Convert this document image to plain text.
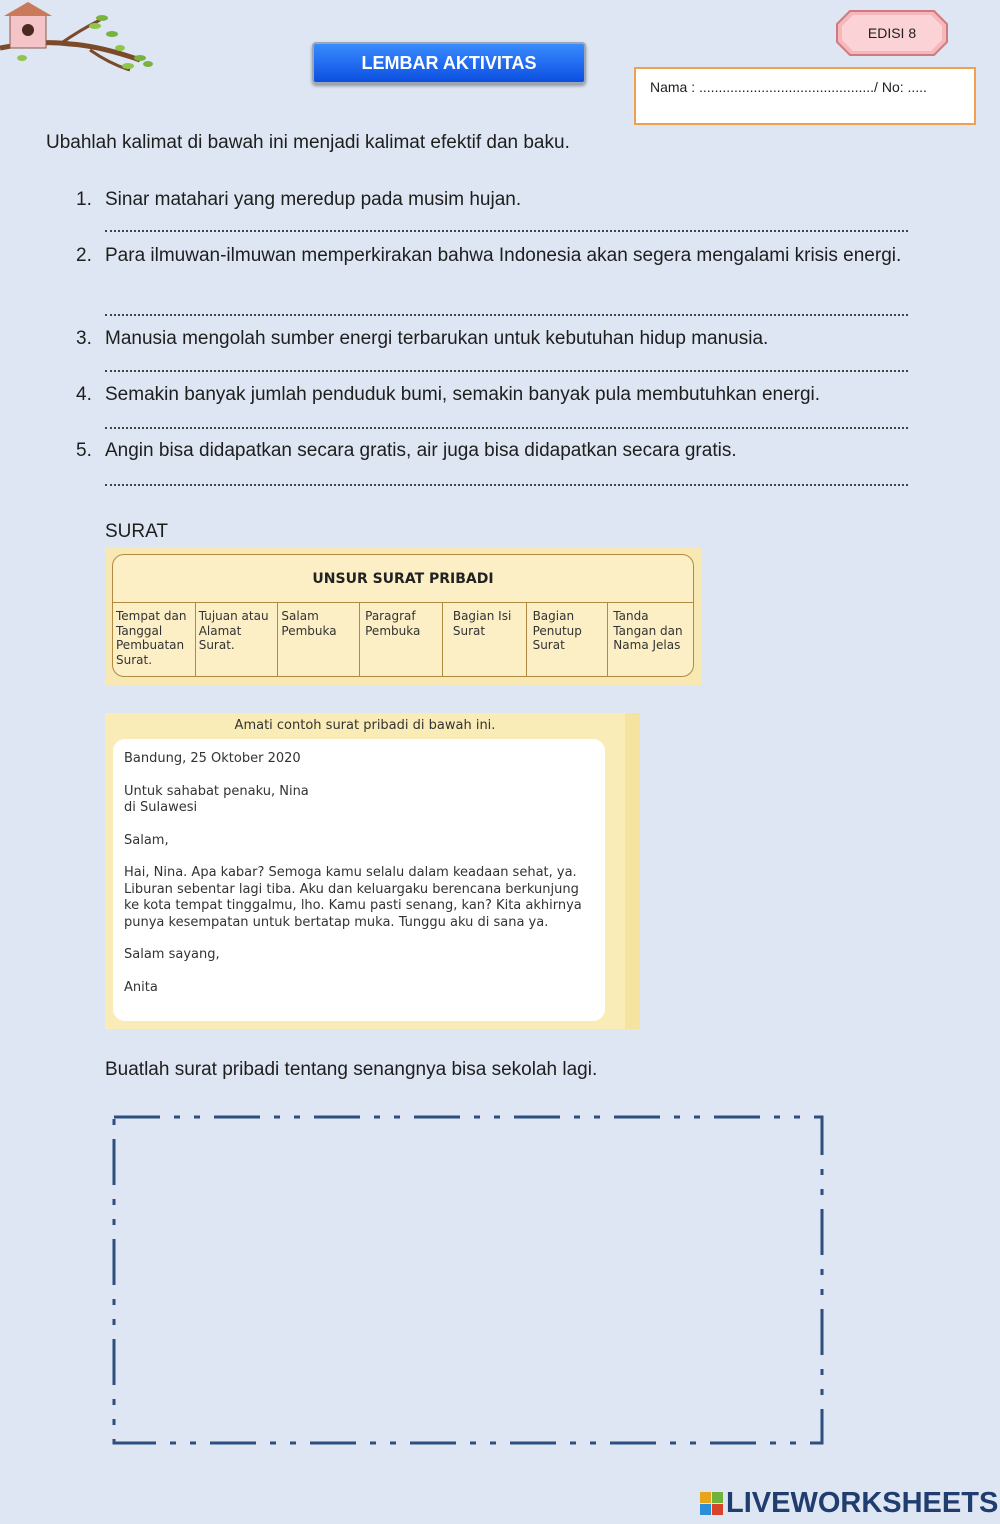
LEMBAR AKTIVITAS
EDISI 8
Nama : ............................................./ No: .....
Ubahlah kalimat di bawah ini menjadi kalimat efektif dan baku.
1. Sinar matahari yang meredup pada musim hujan.
2. Para ilmuwan-ilmuwan memperkirakan bahwa Indonesia akan segera mengalami krisis energi.
3. Manusia mengolah sumber energi terbarukan untuk kebutuhan hidup manusia.
4. Semakin banyak jumlah penduduk bumi, semakin banyak pula membutuhkan energi.
5. Angin bisa didapatkan secara gratis, air juga bisa didapatkan secara gratis.
SURAT
UNSUR SURAT PRIBADI
Tempat dan Tanggal Pembuatan Surat.
Tujuan atau Alamat Surat.
Salam Pembuka
Paragraf Pembuka
Bagian Isi Surat
Bagian Penutup Surat
Tanda Tangan dan Nama Jelas
Amati contoh surat pribadi di bawah ini.

Bandung, 25 Oktober 2020

Untuk sahabat penaku, Nina
di Sulawesi

Salam,

Hai, Nina. Apa kabar? Semoga kamu selalu dalam keadaan sehat, ya. Liburan sebentar lagi tiba. Aku dan keluargaku berencana berkunjung ke kota tempat tinggalmu, lho. Kamu pasti senang, kan? Kita akhirnya punya kesempatan untuk bertatap muka. Tunggu aku di sana ya.

Salam sayang,

Anita

Buatlah surat pribadi tentang senangnya bisa sekolah lagi.
LIVEWORKSHEETS
